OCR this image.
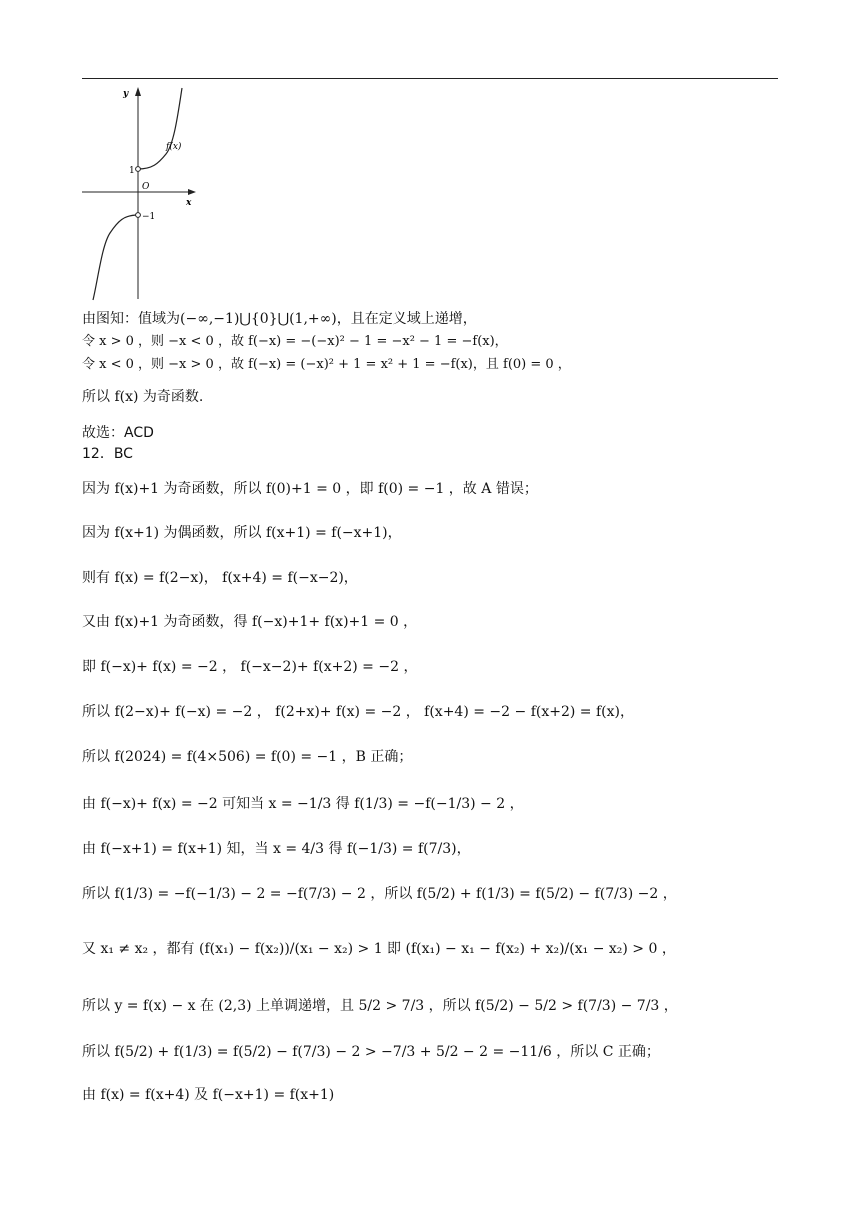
y
x
O
1
−1
f(x)
由图知：值域为(−∞,−1)⋃{0}⋃(1,+∞)，且在定义域上递增，
令 x > 0 ，则 −x < 0 ，故 f(−x) = −(−x)² − 1 = −x² − 1 = −f(x)，
令 x < 0 ，则 −x > 0 ，故 f(−x) = (−x)² + 1 = x² + 1 = −f(x)，且 f(0) = 0 ，
所以 f(x) 为奇函数.
故选：ACD
12．BC
因为 f(x)+1 为奇函数，所以 f(0)+1 = 0 ，即 f(0) = −1 ，故 A 错误；
因为 f(x+1) 为偶函数，所以 f(x+1) = f(−x+1)，
则有 f(x) = f(2−x)， f(x+4) = f(−x−2)，
又由 f(x)+1 为奇函数，得 f(−x)+1+ f(x)+1 = 0 ，
即 f(−x)+ f(x) = −2 ， f(−x−2)+ f(x+2) = −2 ，
所以 f(2−x)+ f(−x) = −2 ， f(2+x)+ f(x) = −2 ， f(x+4) = −2 − f(x+2) = f(x)，
所以 f(2024) = f(4×506) = f(0) = −1 ，B 正确；
由 f(−x)+ f(x) = −2 可知当 x = −1/3 得 f(1/3) = −f(−1/3) − 2 ，
由 f(−x+1) = f(x+1) 知，当 x = 4/3 得 f(−1/3) = f(7/3)，
所以 f(1/3) = −f(−1/3) − 2 = −f(7/3) − 2 ，所以 f(5/2) + f(1/3) = f(5/2) − f(7/3) −2 ，
又 x₁ ≠ x₂ ，都有 (f(x₁) − f(x₂))/(x₁ − x₂) > 1 即 (f(x₁) − x₁ − f(x₂) + x₂)/(x₁ − x₂) > 0 ，
所以 y = f(x) − x 在 (2,3) 上单调递增，且 5/2 > 7/3 ，所以 f(5/2) − 5/2 > f(7/3) − 7/3 ，
所以 f(5/2) + f(1/3) = f(5/2) − f(7/3) − 2 > −7/3 + 5/2 − 2 = −11/6 ，所以 C 正确；
由 f(x) = f(x+4) 及 f(−x+1) = f(x+1)
